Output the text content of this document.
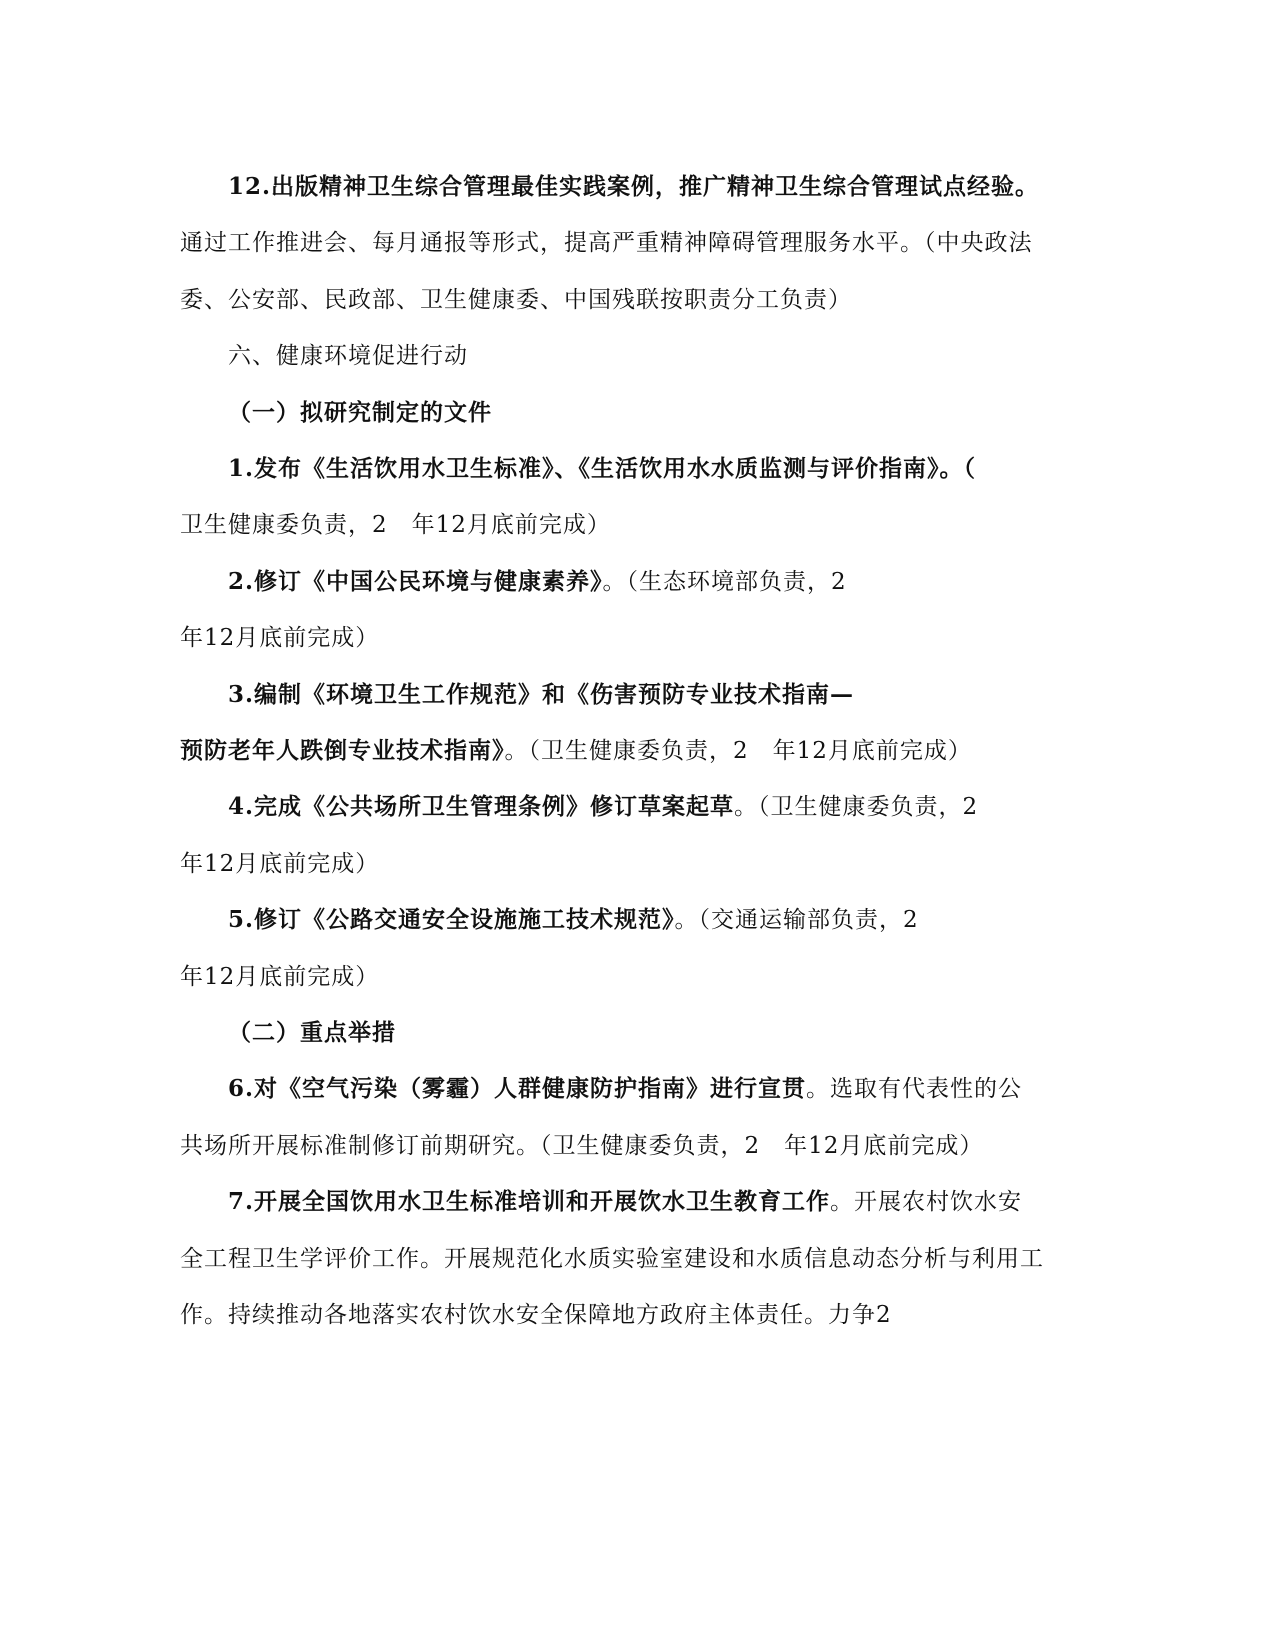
12.出版精神卫生综合管理最佳实践案例，推广精神卫生综合管理试点经验。
通过工作推进会、每月通报等形式，提高严重精神障碍管理服务水平。（中央政法
委、公安部、民政部、卫生健康委、中国残联按职责分工负责）
六、健康环境促进行动
（一）拟研究制定的文件
1.发布《生活饮用水卫生标准》、《生活饮用水水质监测与评价指南》。（
卫生健康委负责，2　年12月底前完成）
2.修订《中国公民环境与健康素养》。（生态环境部负责，2
年12月底前完成）
3.编制《环境卫生工作规范》和《伤害预防专业技术指南—
预防老年人跌倒专业技术指南》。（卫生健康委负责，2　年12月底前完成）
4.完成《公共场所卫生管理条例》修订草案起草。（卫生健康委负责，2
年12月底前完成）
5.修订《公路交通安全设施施工技术规范》。（交通运输部负责，2
年12月底前完成）
（二）重点举措
6.对《空气污染（雾霾）人群健康防护指南》进行宣贯。选取有代表性的公
共场所开展标准制修订前期研究。（卫生健康委负责，2　年12月底前完成）
7.开展全国饮用水卫生标准培训和开展饮水卫生教育工作。开展农村饮水安
全工程卫生学评价工作。开展规范化水质实验室建设和水质信息动态分析与利用工
作。持续推动各地落实农村饮水安全保障地方政府主体责任。力争2
